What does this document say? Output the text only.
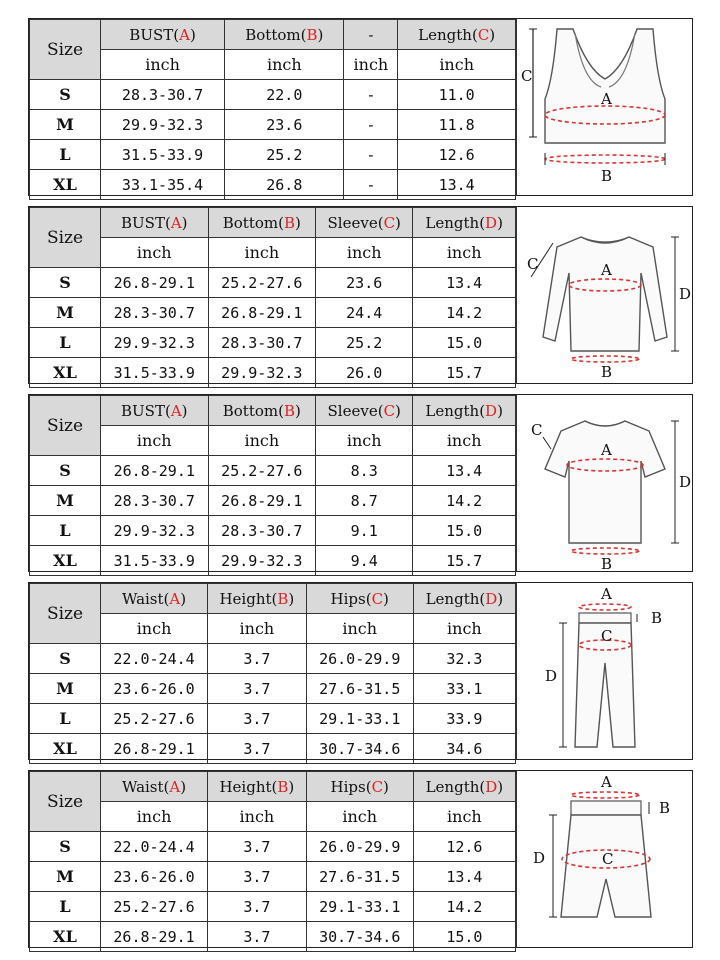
Size	BUST(A)	Bottom(B)	-	Length(C)
	inch	inch	inch	inch
S	28.3-30.7	22.0	-	11.0
M	29.9-32.3	23.6	-	11.8
L	31.5-33.9	25.2	-	12.6
XL	33.1-35.4	26.8	-	13.4
C
A
B
Size	BUST(A)	Bottom(B)	Sleeve(C)	Length(D)
	inch	inch	inch	inch
S	26.8-29.1	25.2-27.6	23.6	13.4
M	28.3-30.7	26.8-29.1	24.4	14.2
L	29.9-32.3	28.3-30.7	25.2	15.0
XL	31.5-33.9	29.9-32.3	26.0	15.7
C	A
D
B
Size	BUST(A)	Bottom(B)	Sleeve(C)	Length(D)
	inch	inch	inch	inch
S	26.8-29.1	25.2-27.6	8.3	13.4
M	28.3-30.7	26.8-29.1	8.7	14.2
L	29.9-32.3	28.3-30.7	9.1	15.0
XL	31.5-33.9	29.9-32.3	9.4	15.7
C
A
D
B
Size	Waist(A)	Height(B)	Hips(C)	Length(D)
	inch	inch	inch	inch
S	22.0-24.4	3.7	26.0-29.9	32.3
M	23.6-26.0	3.7	27.6-31.5	33.1
L	25.2-27.6	3.7	29.1-33.1	33.9
XL	26.8-29.1	3.7	30.7-34.6	34.6
A
B
C
D
Size	Waist(A)	Height(B)	Hips(C)	Length(D)
	inch	inch	inch	inch
S	22.0-24.4	3.7	26.0-29.9	12.6
M	23.6-26.0	3.7	27.6-31.5	13.4
L	25.2-27.6	3.7	29.1-33.1	14.2
XL	26.8-29.1	3.7	30.7-34.6	15.0
A
B
D	C
